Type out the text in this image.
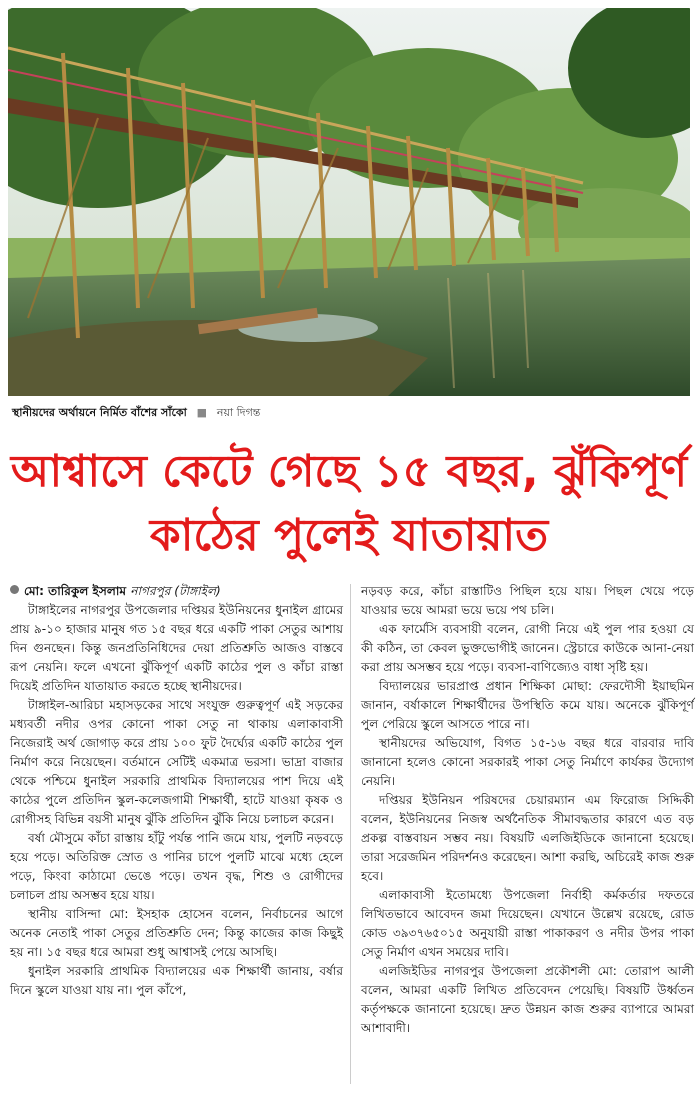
স্থানীয়দের অর্থায়নে নির্মিত বাঁশের সাঁকো ■ নয়া দিগন্ত
আশ্বাসে কেটে গেছে ১৫ বছর, ঝুঁকিপূর্ণ
কাঠের পুলেই যাতায়াত

মো: তারিকুল ইসলাম নাগরপুর (টাঙ্গাইল)

টাঙ্গাইলের নাগরপুর উপজেলার দপ্তিয়র ইউনিয়নের ধুনাইল গ্রামের প্রায় ৯-১০ হাজার মানুষ গত ১৫ বছর ধরে একটি পাকা সেতুর আশায় দিন গুনছেন। কিন্তু জনপ্রতিনিধিদের দেয়া প্রতিশ্রুতি আজও বাস্তবে রূপ নেয়নি। ফলে এখনো ঝুঁকিপূর্ণ একটি কাঠের পুল ও কাঁচা রাস্তা দিয়েই প্রতিদিন যাতায়াত করতে হচ্ছে স্থানীয়দের।

টাঙ্গাইল-আরিচা মহাসড়কের সাথে সংযুক্ত গুরুত্বপূর্ণ এই সড়কের মধ্যবর্তী নদীর ওপর কোনো পাকা সেতু না থাকায় এলাকাবাসী নিজেরাই অর্থ জোগাড় করে প্রায় ১০০ ফুট দৈর্ঘ্যের একটি কাঠের পুল নির্মাণ করে নিয়েছেন। বর্তমানে সেটিই একমাত্র ভরসা। ভাদ্রা বাজার থেকে পশ্চিমে ধুনাইল সরকারি প্রাথমিক বিদ্যালয়ের পাশ দিয়ে এই কাঠের পুলে প্রতিদিন স্কুল-কলেজগামী শিক্ষার্থী, হাটে যাওয়া কৃষক ও রোগীসহ বিভিন্ন বয়সী মানুষ ঝুঁকি প্রতিদিন ঝুঁকি নিয়ে চলাচল করেন।

বর্ষা মৌসুমে কাঁচা রাস্তায় হাঁটু পর্যন্ত পানি জমে যায়, পুলটি নড়বড়ে হয়ে পড়ে। অতিরিক্ত স্রোত ও পানির চাপে পুলটি মাঝে মধ্যে হেলে পড়ে, কিংবা কাঠামো ভেঙে পড়ে। তখন বৃদ্ধ, শিশু ও রোগীদের চলাচল প্রায় অসম্ভব হয়ে যায়।

স্থানীয় বাসিন্দা মো: ইসহাক হোসেন বলেন, নির্বাচনের আগে অনেক নেতাই পাকা সেতুর প্রতিশ্রুতি দেন; কিন্তু কাজের কাজ কিছুই হয় না। ১৫ বছর ধরে আমরা শুধু আশ্বাসই পেয়ে আসছি।

ধুনাইল সরকারি প্রাথমিক বিদ্যালয়ের এক শিক্ষার্থী জানায়, বর্ষার দিনে স্কুলে যাওয়া যায় না। পুল কাঁপে,

নড়বড় করে, কাঁচা রাস্তাটিও পিছিল হয়ে যায়। পিছল খেয়ে পড়ে যাওয়ার ভয়ে আমরা ভয়ে ভয়ে পথ চলি।

এক ফার্মেসি ব্যবসায়ী বলেন, রোগী নিয়ে এই পুল পার হওয়া যে কী কঠিন, তা কেবল ভুক্তভোগীই জানেন। স্ট্রেচারে কাউকে আনা-নেয়া করা প্রায় অসম্ভব হয়ে পড়ে। ব্যবসা-বাণিজ্যেও বাধা সৃষ্টি হয়।

বিদ্যালয়ের ভারপ্রাপ্ত প্রধান শিক্ষিকা মোছা: ফেরদৌসী ইয়াছমিন জানান, বর্ষাকালে শিক্ষার্থীদের উপস্থিতি কমে যায়। অনেকে ঝুঁকিপূর্ণ পুল পেরিয়ে স্কুলে আসতে পারে না।

স্থানীয়দের অভিযোগ, বিগত ১৫-১৬ বছর ধরে বারবার দাবি জানানো হলেও কোনো সরকারই পাকা সেতু নির্মাণে কার্যকর উদ্যোগ নেয়নি।

দপ্তিয়র ইউনিয়ন পরিষদের চেয়ারম্যান এম ফিরোজ সিদ্দিকী বলেন, ইউনিয়নের নিজস্ব অর্থনৈতিক সীমাবদ্ধতার কারণে এত বড় প্রকল্প বাস্তবায়ন সম্ভব নয়। বিষয়টি এলজিইডিকে জানানো হয়েছে। তারা সরেজমিন পরিদর্শনও করেছেন। আশা করছি, অচিরেই কাজ শুরু হবে।

এলাকাবাসী ইতোমধ্যে উপজেলা নির্বাহী কর্মকর্তার দফতরে লিখিতভাবে আবেদন জমা দিয়েছেন। যেখানে উল্লেখ রয়েছে, রোড কোড ৩৯৩৭৬৫০১৫ অনুযায়ী রাস্তা পাকাকরণ ও নদীর উপর পাকা সেতু নির্মাণ এখন সময়ের দাবি।

এলজিইডির নাগরপুর উপজেলা প্রকৌশলী মো: তোরাপ আলী বলেন, আমরা একটি লিখিত প্রতিবেদন পেয়েছি। বিষয়টি উর্ধ্বতন কর্তৃপক্ষকে জানানো হয়েছে। দ্রুত উন্নয়ন কাজ শুরুর ব্যাপারে আমরা আশাবাদী।
